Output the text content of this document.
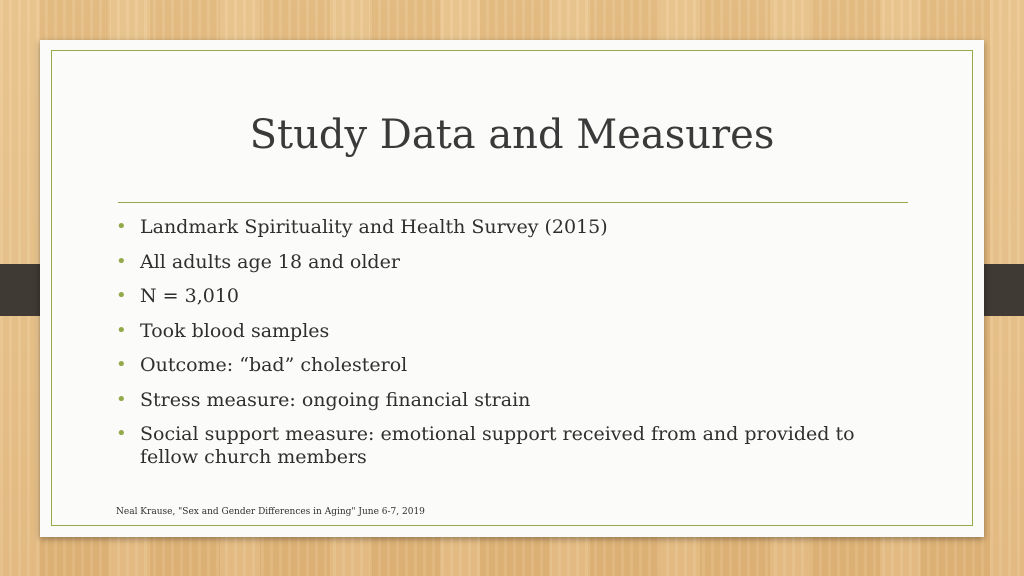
Study Data and Measures
• Landmark Spirituality and Health Survey (2015)
• All adults age 18 and older
• N = 3,010
• Took blood samples
• Outcome: “bad” cholesterol
• Stress measure: ongoing financial strain
• Social support measure: emotional support received from and provided to fellow church members
Neal Krause, "Sex and Gender Differences in Aging" June 6-7, 2019
